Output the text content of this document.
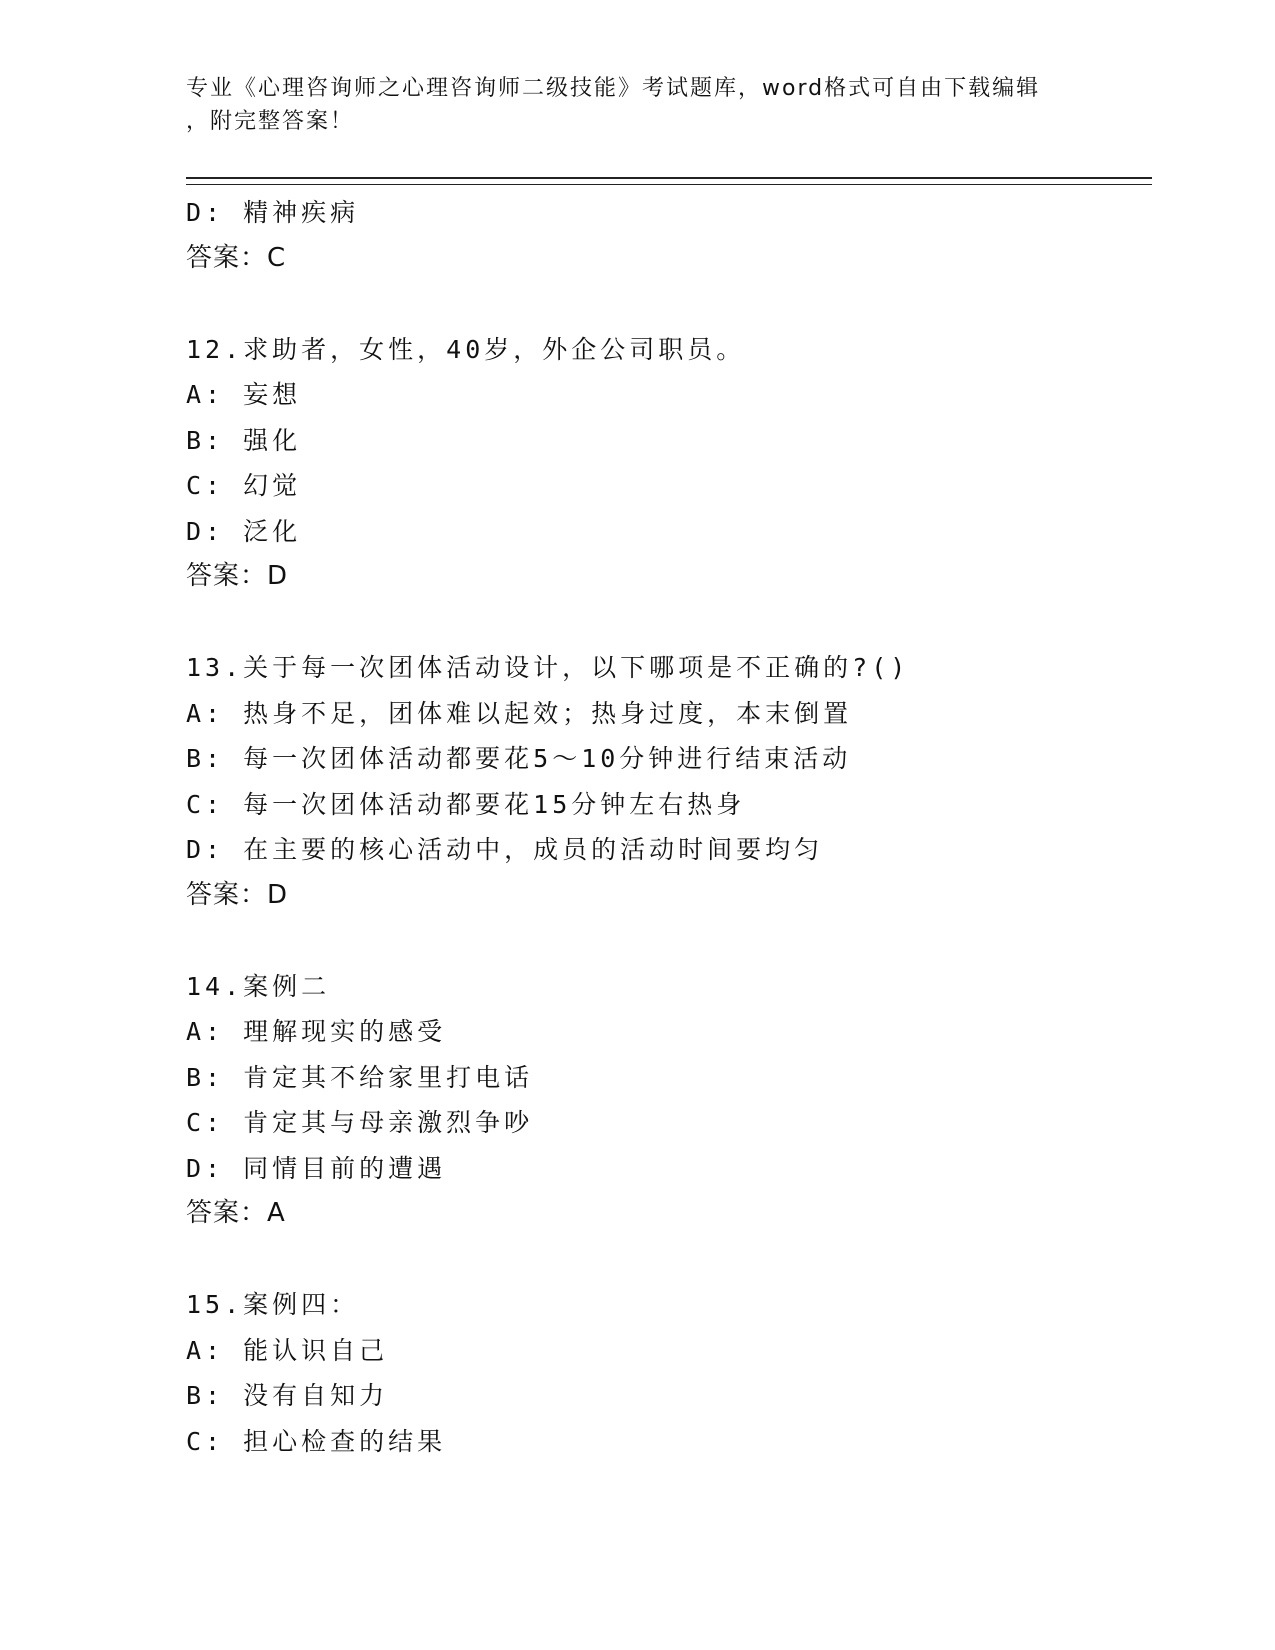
专业《心理咨询师之心理咨询师二级技能》考试题库，word格式可自由下载编辑
，附完整答案！
D: 精神疾病
答案：C
12.求助者，女性，40岁，外企公司职员。
A: 妄想
B: 强化
C: 幻觉
D: 泛化
答案：D
13.关于每一次团体活动设计，以下哪项是不正确的?()
A: 热身不足，团体难以起效；热身过度，本末倒置
B: 每一次团体活动都要花5～10分钟进行结束活动
C: 每一次团体活动都要花15分钟左右热身
D: 在主要的核心活动中，成员的活动时间要均匀
答案：D
14.案例二
A: 理解现实的感受
B: 肯定其不给家里打电话
C: 肯定其与母亲激烈争吵
D: 同情目前的遭遇
答案：A
15.案例四：
A: 能认识自己
B: 没有自知力
C: 担心检查的结果
